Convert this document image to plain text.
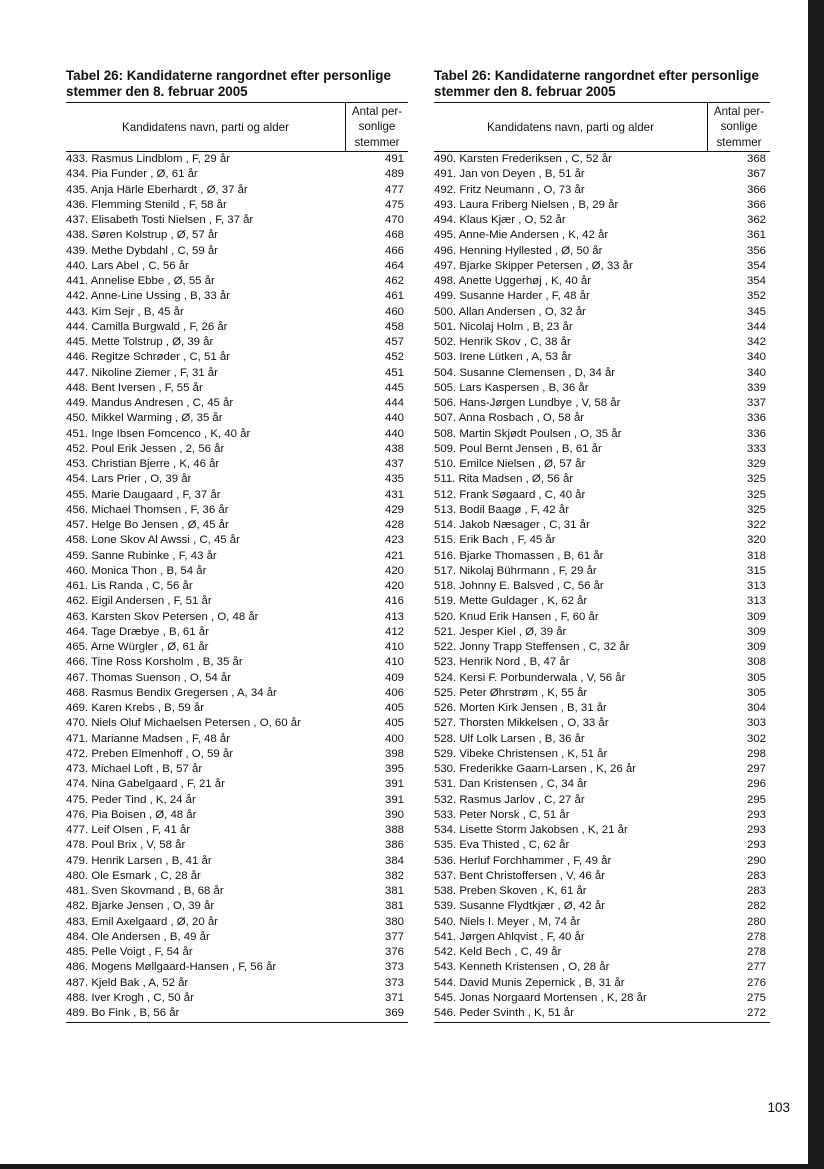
Tabel 26: Kandidaterne rangordnet efter personlige stemmer den 8. februar 2005
Kandidatens navn, parti og alder
Antal per-
sonlige
stemmer
433. Rasmus Lindblom , F, 29 år	491
434. Pia Funder , Ø, 61 år	489
435. Anja Härle Eberhardt , Ø, 37 år	477
436. Flemming Stenild , F, 58 år	475
437. Elisabeth Tosti Nielsen , F, 37 år	470
438. Søren Kolstrup , Ø, 57 år	468
439. Methe Dybdahl , C, 59 år	466
440. Lars Abel , C, 56 år	464
441. Annelise Ebbe , Ø, 55 år	462
442. Anne-Line Ussing , B, 33 år	461
443. Kim Sejr , B, 45 år	460
444. Camilla Burgwald , F, 26 år	458
445. Mette Tolstrup , Ø, 39 år	457
446. Regitze Schrøder , C, 51 år	452
447. Nikoline Ziemer , F, 31 år	451
448. Bent Iversen , F, 55 år	445
449. Mandus Andresen , C, 45 år	444
450. Mikkel Warming , Ø, 35 år	440
451. Inge Ibsen Fomcenco , K, 40 år	440
452. Poul Erik Jessen , 2, 56 år	438
453. Christian Bjerre , K, 46 år	437
454. Lars Prier , O, 39 år	435
455. Marie Daugaard , F, 37 år	431
456. Michael Thomsen , F, 36 år	429
457. Helge Bo Jensen , Ø, 45 år	428
458. Lone Skov Al Awssi , C, 45 år	423
459. Sanne Rubinke , F, 43 år	421
460. Monica Thon , B, 54 år	420
461. Lis Randa , C, 56 år	420
462. Eigil Andersen , F, 51 år	416
463. Karsten Skov Petersen , O, 48 år	413
464. Tage Dræbye , B, 61 år	412
465. Arne Würgler , Ø, 61 år	410
466. Tine Ross Korsholm , B, 35 år	410
467. Thomas Suenson , O, 54 år	409
468. Rasmus Bendix Gregersen , A, 34 år	406
469. Karen Krebs , B, 59 år	405
470. Niels Oluf Michaelsen Petersen , O, 60 år	405
471. Marianne Madsen , F, 48 år	400
472. Preben Elmenhoff , O, 59 år	398
473. Michael Loft , B, 57 år	395
474. Nina Gabelgaard , F, 21 år	391
475. Peder Tind , K, 24 år	391
476. Pia Boisen , Ø, 48 år	390
477. Leif Olsen , F, 41 år	388
478. Poul Brix , V, 58 år	386
479. Henrik Larsen , B, 41 år	384
480. Ole Esmark , C, 28 år	382
481. Sven Skovmand , B, 68 år	381
482. Bjarke Jensen , O, 39 år	381
483. Emil Axelgaard , Ø, 20 år	380
484. Ole Andersen , B, 49 år	377
485. Pelle Voigt , F, 54 år	376
486. Mogens Møllgaard-Hansen , F, 56 år	373
487. Kjeld Bak , A, 52 år	373
488. Iver Krogh , C, 50 år	371
489. Bo Fink , B, 56 år	369
Tabel 26: Kandidaterne rangordnet efter personlige stemmer den 8. februar 2005
Kandidatens navn, parti og alder
Antal per-
sonlige
stemmer
490. Karsten Frederiksen , C, 52 år	368
491. Jan von Deyen , B, 51 år	367
492. Fritz Neumann , O, 73 år	366
493. Laura Friberg Nielsen , B, 29 år	366
494. Klaus Kjær , O, 52 år	362
495. Anne-Mie Andersen , K, 42 år	361
496. Henning Hyllested , Ø, 50 år	356
497. Bjarke Skipper Petersen , Ø, 33 år	354
498. Anette Uggerhøj , K, 40 år	354
499. Susanne Harder , F, 48 år	352
500. Allan Andersen , O, 32 år	345
501. Nicolaj Holm , B, 23 år	344
502. Henrik Skov , C, 38 år	342
503. Irene Lütken , A, 53 år	340
504. Susanne Clemensen , D, 34 år	340
505. Lars Kaspersen , B, 36 år	339
506. Hans-Jørgen Lundbye , V, 58 år	337
507. Anna Rosbach , O, 58 år	336
508. Martin Skjødt Poulsen , O, 35 år	336
509. Poul Bernt Jensen , B, 61 år	333
510. Emilce Nielsen , Ø, 57 år	329
511. Rita Madsen , Ø, 56 år	325
512. Frank Søgaard , C, 40 år	325
513. Bodil Baagø , F, 42 år	325
514. Jakob Næsager , C, 31 år	322
515. Erik Bach , F, 45 år	320
516. Bjarke Thomassen , B, 61 år	318
517. Nikolaj Bührmann , F, 29 år	315
518. Johnny E. Balsved , C, 56 år	313
519. Mette Guldager , K, 62 år	313
520. Knud Erik Hansen , F, 60 år	309
521. Jesper Kiel , Ø, 39 år	309
522. Jonny Trapp Steffensen , C, 32 år	309
523. Henrik Nord , B, 47 år	308
524. Kersi F. Porbunderwala , V, 56 år	305
525. Peter Øhrstrøm , K, 55 år	305
526. Morten Kirk Jensen , B, 31 år	304
527. Thorsten Mikkelsen , O, 33 år	303
528. Ulf Lolk Larsen , B, 36 år	302
529. Vibeke Christensen , K, 51 år	298
530. Frederikke Gaarn-Larsen , K, 26 år	297
531. Dan Kristensen , C, 34 år	296
532. Rasmus Jarlov , C, 27 år	295
533. Peter Norsk , C, 51 år	293
534. Lisette Storm Jakobsen , K, 21 år	293
535. Eva Thisted , C, 62 år	293
536. Herluf Forchhammer , F, 49 år	290
537. Bent Christoffersen , V, 46 år	283
538. Preben Skoven , K, 61 år	283
539. Susanne Flydtkjær , Ø, 42 år	282
540. Niels I. Meyer , M, 74 år	280
541. Jørgen Ahlqvist , F, 40 år	278
542. Keld Bech , C, 49 år	278
543. Kenneth Kristensen , O, 28 år	277
544. David Munis Zepernick , B, 31 år	276
545. Jonas Norgaard Mortensen , K, 28 år	275
546. Peder Svinth , K, 51 år	272
103
